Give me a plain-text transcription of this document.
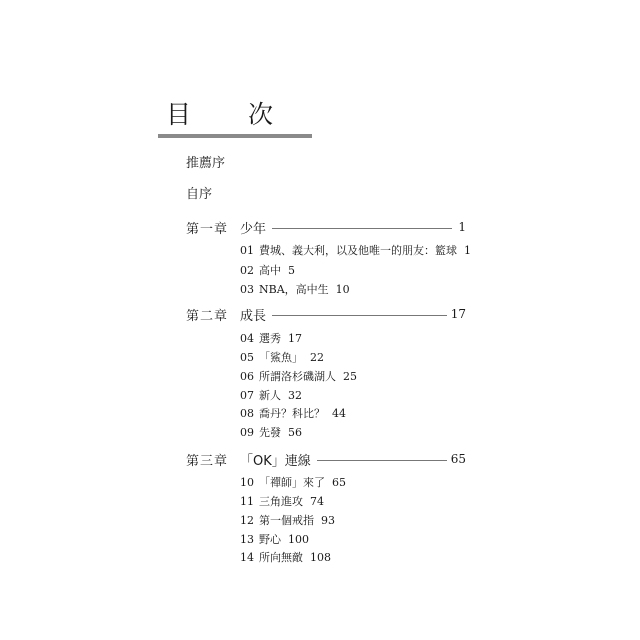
目　次
推薦序
自序
第一章 少年	1
01 費城、義大利，以及他唯一的朋友：籃球 1
02 高中 5
03 NBA，高中生 10
第二章 成長	17
04 選秀 17
05 「鯊魚」 22
06 所謂洛杉磯湖人 25
07 新人 32
08 喬丹？科比？ 44
09 先發 56
第三章 「OK」連線	65
10 「禪師」來了 65
11 三角進攻 74
12 第一個戒指 93
13 野心 100
14 所向無敵 108
